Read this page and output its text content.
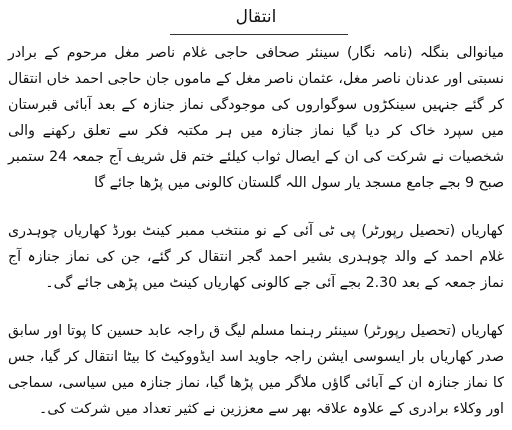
انتقال

میانوالی بنگلہ (نامہ نگار) سینئر صحافی حاجی غلام ناصر مغل مرحوم کے برادر نسبتی اور عدنان ناصر مغل، عثمان ناصر مغل کے ماموں جان حاجی احمد خاں انتقال کر گئے جنہیں سینکڑوں سوگواروں کی موجودگی نماز جنازہ کے بعد آبائی قبرستان میں سپرد خاک کر دیا گیا نماز جنازہ میں ہر مکتبہ فکر سے تعلق رکھنے والی شخصیات نے شرکت کی ان کے ایصال ثواب کیلئے ختم قل شریف آج جمعہ 24 ستمبر صبح 9 بجے جامع مسجد یار سول اللہ گلستان کالونی میں پڑھا جائے گا

کھاریاں (تحصیل رپورٹر) پی ٹی آئی کے نو منتخب ممبر کینٹ بورڈ کھاریاں چوہدری غلام احمد کے والد چوہدری بشیر احمد گجر انتقال کر گئے، جن کی نماز جنازہ آج نماز جمعہ کے بعد 2.30 بجے آئی جے کالونی کھاریاں کینٹ میں پڑھی جائے گی۔

کھاریاں (تحصیل رپورٹر) سینئر رہنما مسلم لیگ ق راجہ عابد حسین کا پوتا اور سابق صدر کھاریاں بار ایسوسی ایشن راجہ جاوید اسد ایڈووکیٹ کا بیٹا انتقال کر گیا، جس کا نماز جنازہ ان کے آبائی گاؤں ملاگر میں پڑھا گیا، نماز جنازہ میں سیاسی، سماجی اور وکلاء برادری کے علاوہ علاقہ بھر سے معززین نے کثیر تعداد میں شرکت کی۔
